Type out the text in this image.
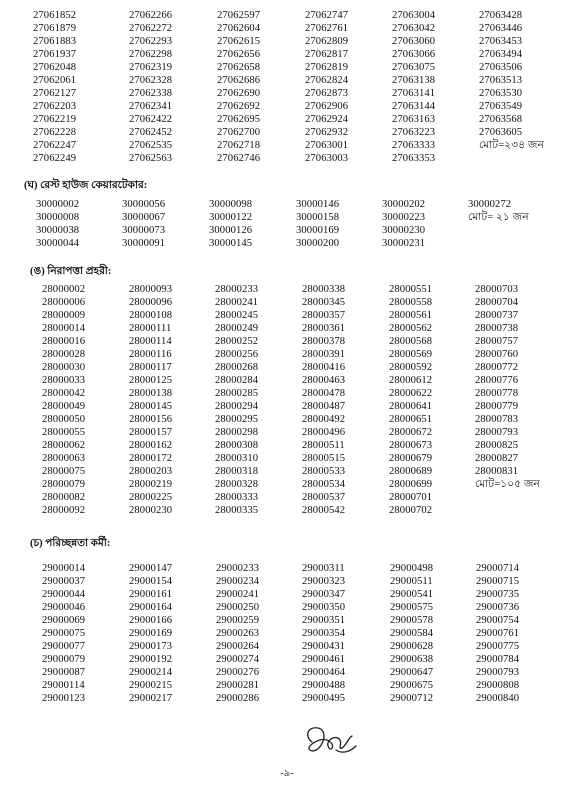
27061852	27062266	27062597	27062747	27063004	27063428
27061879	27062272	27062604	27062761	27063042	27063446
27061883	27062293	27062615	27062809	27063060	27063453
27061937	27062298	27062656	27062817	27063066	27063494
27062048	27062319	27062658	27062819	27063075	27063506
27062061	27062328	27062686	27062824	27063138	27063513
27062127	27062338	27062690	27062873	27063141	27063530
27062203	27062341	27062692	27062906	27063144	27063549
27062219	27062422	27062695	27062924	27063163	27063568
27062228	27062452	27062700	27062932	27063223	27063605
27062247	27062535	27062718	27063001	27063333	মোট=২৩৪ জন
27062249	27062563	27062746	27063003	27063353
(ঘ) রেস্ট হাউজ কেয়ারটেকার:
30000002	30000056	30000098	30000146	30000202	30000272
30000008	30000067	30000122	30000158	30000223	মোট= ২১ জন
30000038	30000073	30000126	30000169	30000230
30000044	30000091	30000145	30000200	30000231
(ঙ) নিরাপত্তা প্রহরী:
28000002	28000093	28000233	28000338	28000551	28000703
28000006	28000096	28000241	28000345	28000558	28000704
28000009	28000108	28000245	28000357	28000561	28000737
28000014	28000111	28000249	28000361	28000562	28000738
28000016	28000114	28000252	28000378	28000568	28000757
28000028	28000116	28000256	28000391	28000569	28000760
28000030	28000117	28000268	28000416	28000592	28000772
28000033	28000125	28000284	28000463	28000612	28000776
28000042	28000138	28000285	28000478	28000622	28000778
28000049	28000145	28000294	28000487	28000641	28000779
28000050	28000156	28000295	28000492	28000651	28000783
28000055	28000157	28000298	28000496	28000672	28000793
28000062	28000162	28000308	28000511	28000673	28000825
28000063	28000172	28000310	28000515	28000679	28000827
28000075	28000203	28000318	28000533	28000689	28000831
28000079	28000219	28000328	28000534	28000699	মোট=১০৫ জন
28000082	28000225	28000333	28000537	28000701
28000092	28000230	28000335	28000542	28000702
(চ) পরিচ্ছন্নতা কর্মী:
29000014	29000147	29000233	29000311	29000498	29000714
29000037	29000154	29000234	29000323	29000511	29000715
29000044	29000161	29000241	29000347	29000541	29000735
29000046	29000164	29000250	29000350	29000575	29000736
29000069	29000166	29000259	29000351	29000578	29000754
29000075	29000169	29000263	29000354	29000584	29000761
29000077	29000173	29000264	29000431	29000628	29000775
29000079	29000192	29000274	29000461	29000638	29000784
29000087	29000214	29000276	29000464	29000647	29000793
29000114	29000215	29000281	29000488	29000675	29000808
29000123	29000217	29000286	29000495	29000712	29000840
-৯-
